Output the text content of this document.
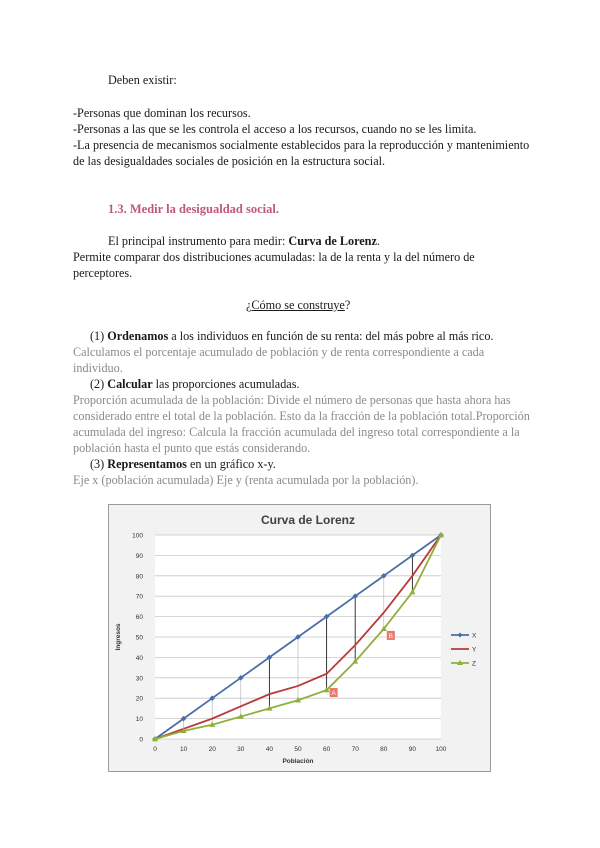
Deben existir:
-Personas que dominan los recursos.
-Personas a las que se les controla el acceso a los recursos, cuando no se les limita.
-La presencia de mecanismos socialmente establecidos para la reproducción y mantenimiento
de las desigualdades sociales de posición en la estructura social.
1.3. Medir la desigualdad social.
El principal instrumento para medir: Curva de Lorenz.
Permite comparar dos distribuciones acumuladas: la de la renta y la del número de
perceptores.
¿Cómo se construye?
(1) Ordenamos a los individuos en función de su renta: del más pobre al más rico.
Calculamos el porcentaje acumulado de población y de renta correspondiente a cada
individuo.
(2) Calcular las proporciones acumuladas.
Proporción acumulada de la población: Divide el número de personas que hasta ahora has
considerado entre el total de la población. Esto da la fracción de la población total.Proporción
acumulada del ingreso: Calcula la fracción acumulada del ingreso total correspondiente a la
población hasta el punto que estás considerando.
(3) Representamos en un gráfico x-y.
Eje x (población acumulada) Eje y (renta acumulada por la población).
Curva de Lorenz
0
10
20
30
40
50
60
70
80
90
100
0	10	20	30	40	50	60	70	80	90	100
Población
Ingresos
A
B	X
Y
Z
